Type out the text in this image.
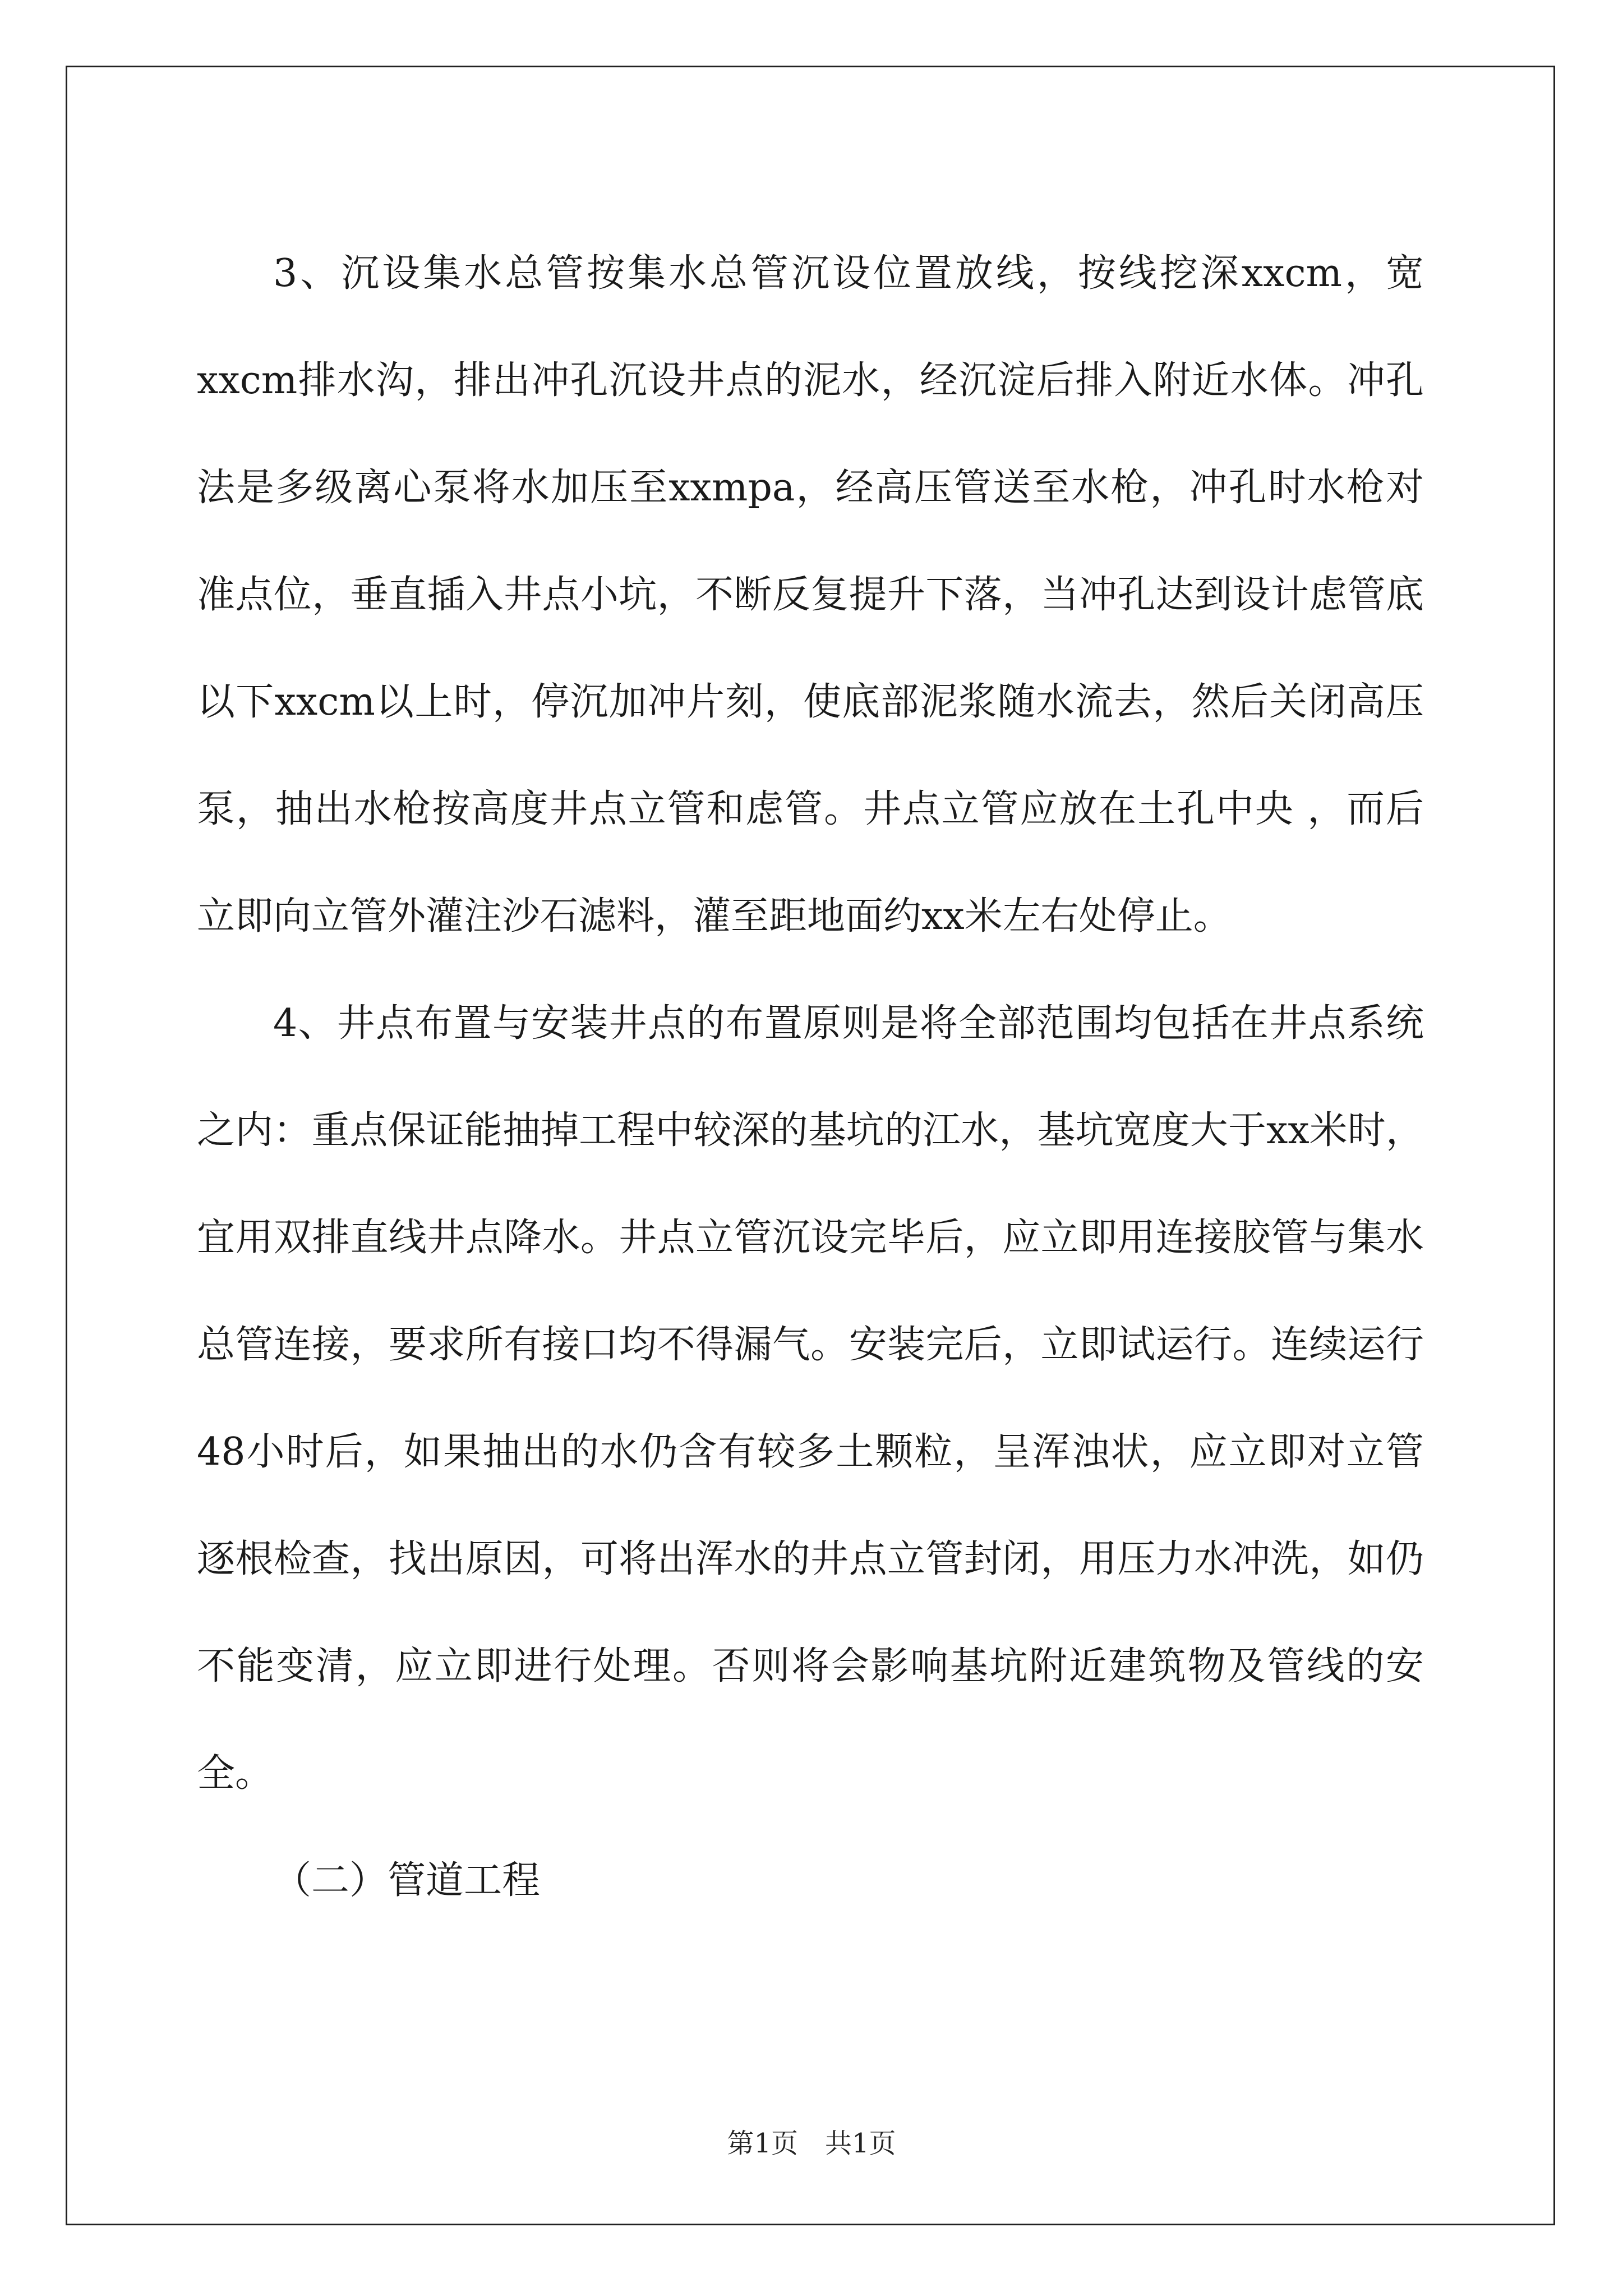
3、沉设集水总管按集水总管沉设位置放线，按线挖深xxcm，宽xxcm排水沟，排出冲孔沉设井点的泥水，经沉淀后排入附近水体。冲孔法是多级离心泵将水加压至xxmpa，经高压管送至水枪，冲孔时水枪对准点位，垂直插入井点小坑，不断反复提升下落，当冲孔达到设计虑管底以下xxcm以上时，停沉加冲片刻，使底部泥浆随水流去，然后关闭高压泵，抽出水枪按高度井点立管和虑管。井点立管应放在土孔中央 ，而后立即向立管外灌注沙石滤料，灌至距地面约xx米左右处停止。

4、井点布置与安装井点的布置原则是将全部范围均包括在井点系统之内：重点保证能抽掉工程中较深的基坑的江水，基坑宽度大于xx米时，宜用双排直线井点降水。井点立管沉设完毕后，应立即用连接胶管与集水总管连接，要求所有接口均不得漏气。安装完后，立即试运行。连续运行48小时后，如果抽出的水仍含有较多土颗粒，呈浑浊状，应立即对立管逐根检查，找出原因，可将出浑水的井点立管封闭，用压力水冲洗，如仍不能变清，应立即进行处理。否则将会影响基坑附近建筑物及管线的安全。

（二）管道工程

第1页 共1页
